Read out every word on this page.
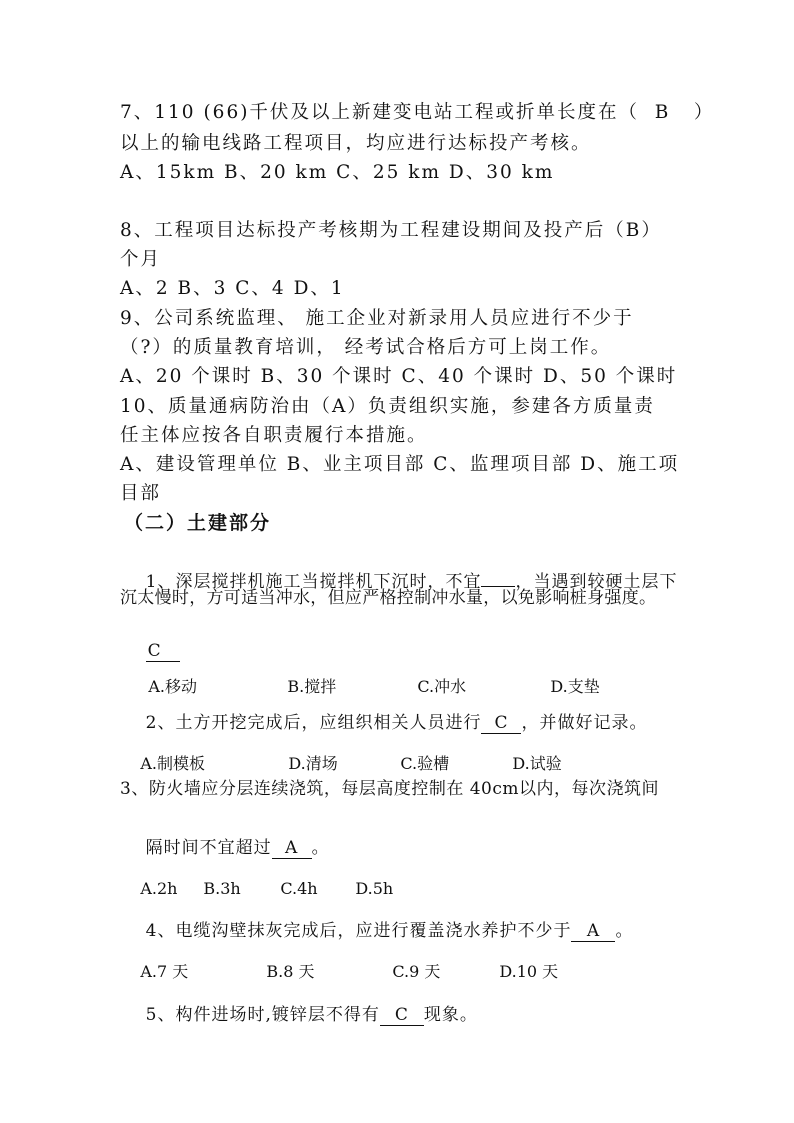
7、110 (66)千伏及以上新建变电站工程或折单长度在（  B   ）
以上的输电线路工程项目，均应进行达标投产考核。
A、15km B、20 km C、25 km D、30 km
8、工程项目达标投产考核期为工程建设期间及投产后（B）
个月
A、2 B、3 C、4 D、1
9、公司系统监理、 施工企业对新录用人员应进行不少于
（?）的质量教育培训， 经考试合格后方可上岗工作。
A、20 个课时 B、30 个课时 C、40 个课时 D、50 个课时
10、质量通病防治由（A）负责组织实施，参建各方质量责
任主体应按各自职责履行本措施。
A、建设管理单位 B、业主项目部 C、监理项目部 D、施工项
目部
（二）土建部分

1、深层搅拌机施工当搅拌机下沉时，不宜 ，当遇到较硬土层下

沉太慢时，方可适当冲水，但应严格控制冲水量，以免影响桩身强度。

C

A.移动	B.搅拌	C.冲水	D.支垫

2、土方开挖完成后，应组织相关人员进行 C ，并做好记录。

A.制模板	D.清场	C.验槽	D.试验

3、防火墙应分层连续浇筑，每层高度控制在 40cm以内，每次浇筑间

隔时间不宜超过 A 。

A.2h B.3h C.4h D.5h

4、电缆沟壁抹灰完成后，应进行覆盖浇水养护不少于 A 。

A.7 天	B.8 天	C.9 天	D.10 天

5、构件进场时,镀锌层不得有 C 现象。
